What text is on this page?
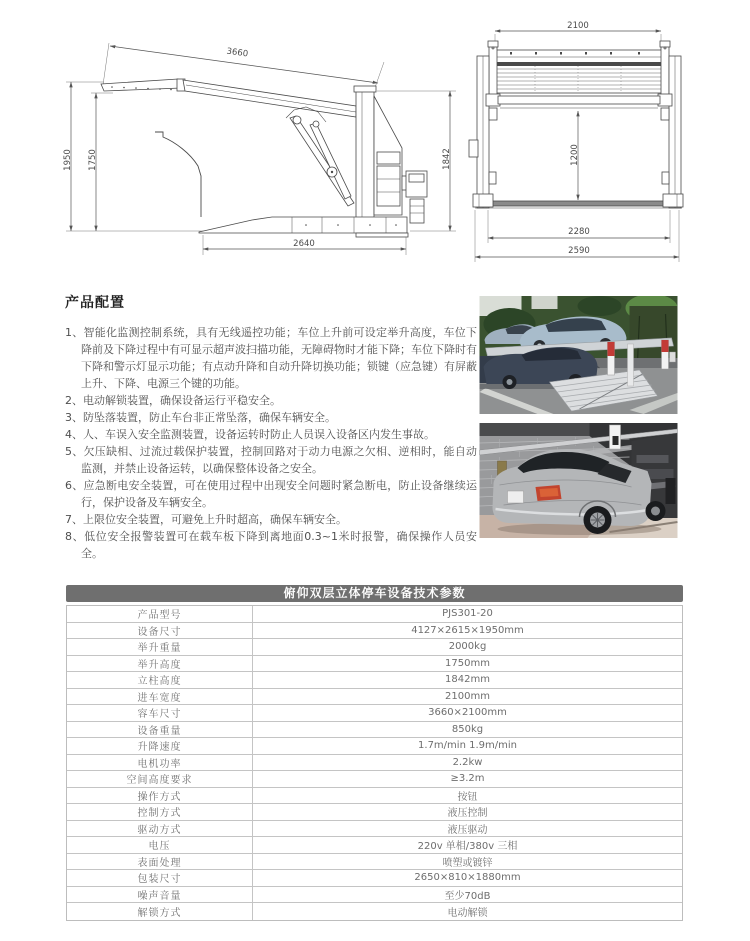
3660
1950 1750	1842
2640
2100
1200
2280
2590
产品配置
1、智能化监测控制系统，具有无线遥控功能；车位上升前可设定举升高度，车位下降前及下降过程中有可显示超声波扫描功能，无障碍物时才能下降；车位下降时有下降和警示灯显示功能；有点动升降和自动升降切换功能；锁键（应急键）有屏蔽上升、下降、电源三个键的功能。
2、电动解锁装置，确保设备运行平稳安全。
3、防坠落装置，防止车台非正常坠落，确保车辆安全。
4、人、车误入安全监测装置，设备运转时防止人员误入设备区内发生事故。
5、欠压缺相、过流过载保护装置，控制回路对于动力电源之欠相、逆相时，能自动监测，并禁止设备运转，以确保整体设备之安全。
6、应急断电安全装置，可在使用过程中出现安全问题时紧急断电，防止设备继续运行，保护设备及车辆安全。
7、上限位安全装置，可避免上升时超高，确保车辆安全。
8、低位安全报警装置可在载车板下降到离地面0.3~1米时报警，确保操作人员安全。
俯仰双层立体停车设备技术参数
产品型号	PJS301-20
设备尺寸	4127×2615×1950mm
举升重量	2000kg
举升高度	1750mm
立柱高度	1842mm
进车宽度	2100mm
容车尺寸	3660×2100mm
设备重量	850kg
升降速度	1.7m/min 1.9m/min
电机功率	2.2kw
空间高度要求	≥3.2m
操作方式	按钮
控制方式	液压控制
驱动方式	液压驱动
电压	220v 单相/380v 三相
表面处理	喷塑或镀锌
包装尺寸	2650×810×1880mm
噪声音量	至少70dB
解锁方式	电动解锁
